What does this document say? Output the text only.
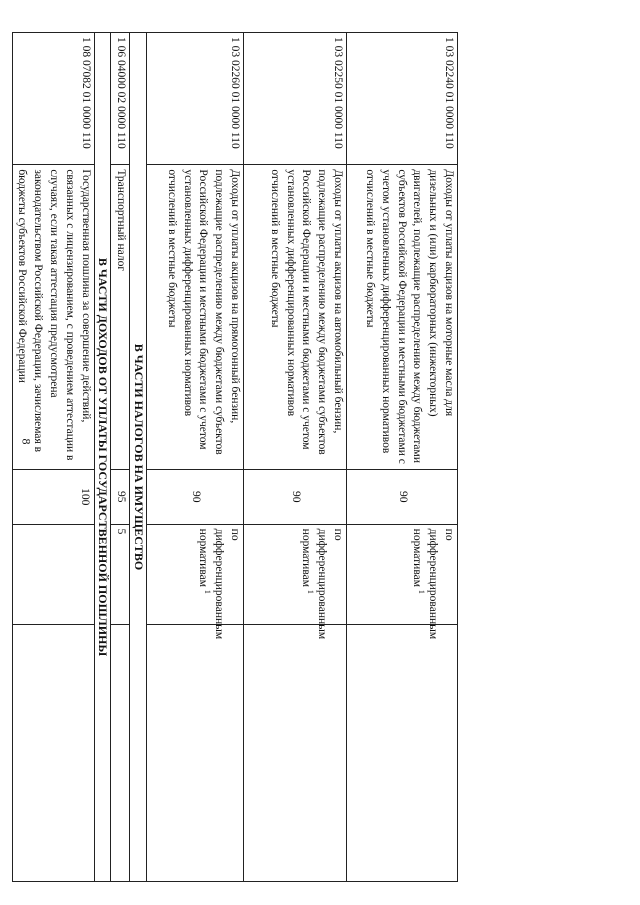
8
1 03 02240 01 0000 110	Доходы от уплаты акцизов на моторные масла для дизельных и (или) карбюраторных (инжекторных) двигателей, подлежащие распределению между бюджетами субъектов Российской Федерации и местными бюджетами с учетом установленных дифференцированных нормативов отчислений в местные бюджеты	90	по дифференцированным нормативам $^1$	
1 03 02250 01 0000 110	Доходы от уплаты акцизов на автомобильный бензин, подлежащие распределению между бюджетами субъектов Российской Федерации и местными бюджетами с учетом установленных дифференцированных нормативов отчислений в местные бюджеты	90	по дифференцированным нормативам $^1$	
1 03 02260 01 0000 110	Доходы от уплаты акцизов на прямогонный бензин, подлежащие распределению между бюджетами субъектов Российской Федерации и местными бюджетами с учетом установленных дифференцированных нормативов отчислений в местные бюджеты	90	по дифференцированным нормативам $^1$	
В ЧАСТИ НАЛОГОВ НА ИМУЩЕСТВО				
1 06 04000 02 0000 110	Транспортный налог	95	5	
В ЧАСТИ ДОХОДОВ ОТ УПЛАТЫ ГОСУДАРСТВЕННОЙ ПОШЛИНЫ				
1 08 07082 01 0000 110	Государственная пошлина за совершение действий, связанных с лицензированием, с проведением аттестации в случаях, если такая аттестация предусмотрена законодательством Российской Федерации, зачисляемая в бюджеты субъектов Российской Федерации	100		
